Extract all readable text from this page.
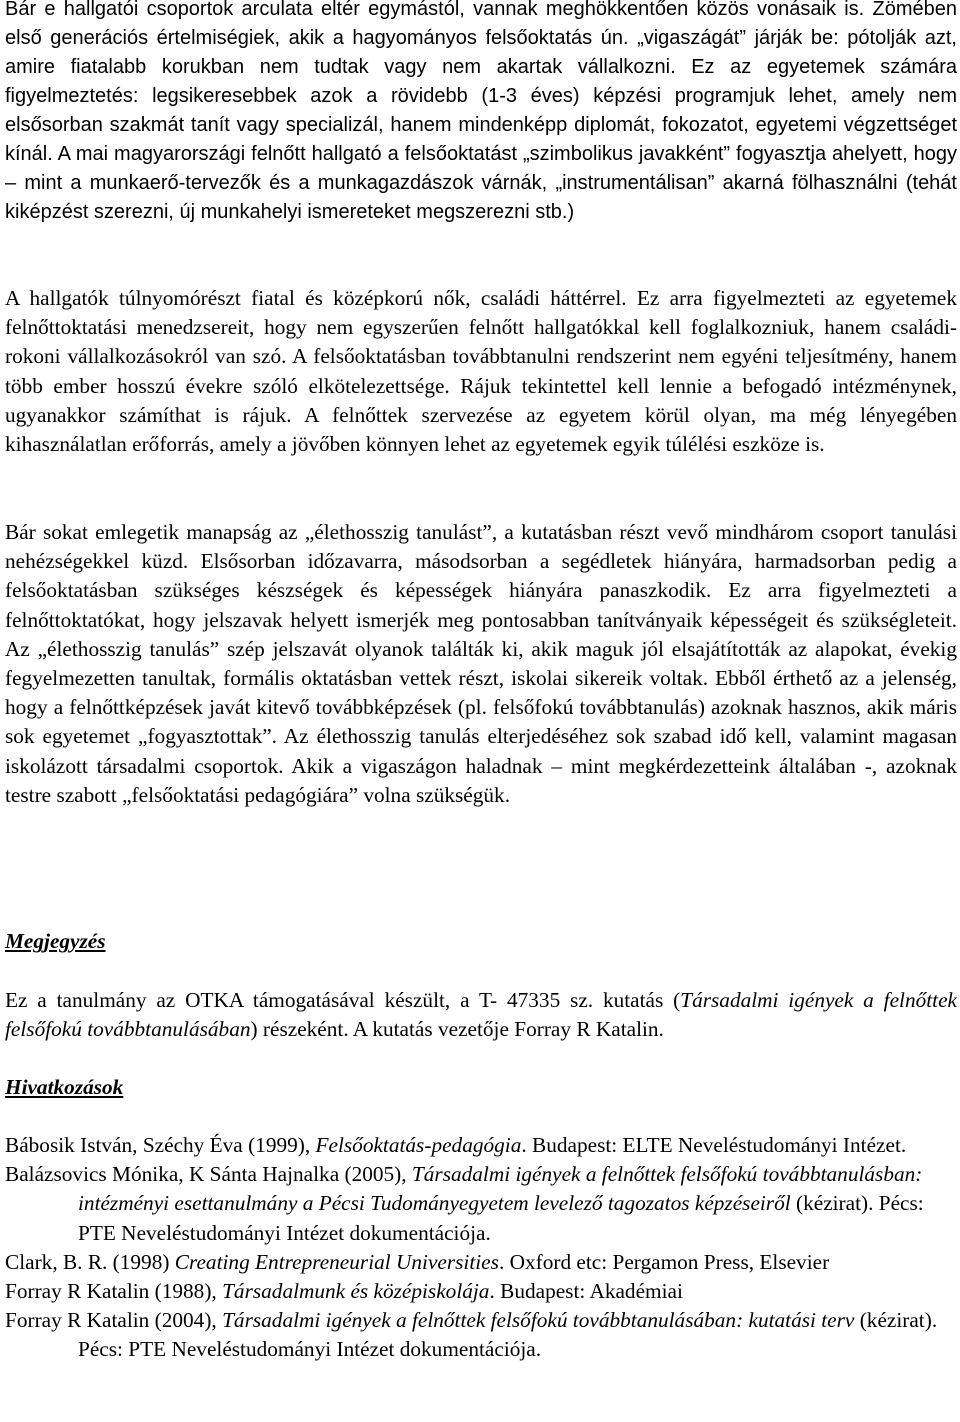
Bár e hallgatói csoportok arculata eltér egymástól, vannak meghökkentően közös vonásaik is. Zömében első generációs értelmiségiek, akik a hagyományos felsőoktatás ún. „vigaszágát” járják be: pótolják azt, amire fiatalabb korukban nem tudtak vagy nem akartak vállalkozni. Ez az egyetemek számára figyelmeztetés: legsikeresebbek azok a rövidebb (1-3 éves) képzési programjuk lehet, amely nem elsősorban szakmát tanít vagy specializál, hanem mindenképp diplomát, fokozatot, egyetemi végzettséget kínál. A mai magyarországi felnőtt hallgató a felsőoktatást „szimbolikus javakként” fogyasztja ahelyett, hogy – mint a munkaerő-tervezők és a munkagazdászok várnák, „instrumentálisan” akarná fölhasználni (tehát kiképzést szerezni, új munkahelyi ismereteket megszerezni stb.)

A hallgatók túlnyomórészt fiatal és középkorú nők, családi háttérrel. Ez arra figyelmezteti az egyetemek felnőttoktatási menedzsereit, hogy nem egyszerűen felnőtt hallgatókkal kell foglalkozniuk, hanem családi-rokoni vállalkozásokról van szó. A felsőoktatásban továbbtanulni rendszerint nem egyéni teljesítmény, hanem több ember hosszú évekre szóló elkötelezettsége. Rájuk tekintettel kell lennie a befogadó intézménynek, ugyanakkor számíthat is rájuk. A felnőttek szervezése az egyetem körül olyan, ma még lényegében kihasználatlan erőforrás, amely a jövőben könnyen lehet az egyetemek egyik túlélési eszköze is.

Bár sokat emlegetik manapság az „élethosszig tanulást”, a kutatásban részt vevő mindhárom csoport tanulási nehézségekkel küzd. Elsősorban időzavarra, másodsorban a segédletek hiányára, harmadsorban pedig a felsőoktatásban szükséges készségek és képességek hiányára panaszkodik. Ez arra figyelmezteti a felnőttoktatókat, hogy jelszavak helyett ismerjék meg pontosabban tanítványaik képességeit és szükségleteit. Az „élethosszig tanulás” szép jelszavát olyanok találták ki, akik maguk jól elsajátították az alapokat, évekig fegyelmezetten tanultak, formális oktatásban vettek részt, iskolai sikereik voltak. Ebből érthető az a jelenség, hogy a felnőttképzések javát kitevő továbbképzések (pl. felsőfokú továbbtanulás) azoknak hasznos, akik máris sok egyetemet „fogyasztottak”. Az élethosszig tanulás elterjedéséhez sok szabad idő kell, valamint magasan iskolázott társadalmi csoportok. Akik a vigaszágon haladnak – mint megkérdezetteink általában -, azoknak testre szabott „felsőoktatási pedagógiára” volna szükségük.

Megjegyzés

Ez a tanulmány az OTKA támogatásával készült, a T- 47335 sz. kutatás (Társadalmi igények a felnőttek felsőfokú továbbtanulásában) részeként. A kutatás vezetője Forray R Katalin.

Hivatkozások

Bábosik István, Széchy Éva (1999), Felsőoktatás-pedagógia. Budapest: ELTE Neveléstudományi Intézet.

Balázsovics Mónika, K Sánta Hajnalka (2005), Társadalmi igények a felnőttek felsőfokú továbbtanulásban: intézményi esettanulmány a Pécsi Tudományegyetem levelező tagozatos képzéseiről (kézirat). Pécs: PTE Neveléstudományi Intézet dokumentációja.

Clark, B. R. (1998) Creating Entrepreneurial Universities. Oxford etc: Pergamon Press, Elsevier

Forray R Katalin (1988), Társadalmunk és középiskolája. Budapest: Akadémiai

Forray R Katalin (2004), Társadalmi igények a felnőttek felsőfokú továbbtanulásában: kutatási terv (kézirat). Pécs: PTE Neveléstudományi Intézet dokumentációja.
